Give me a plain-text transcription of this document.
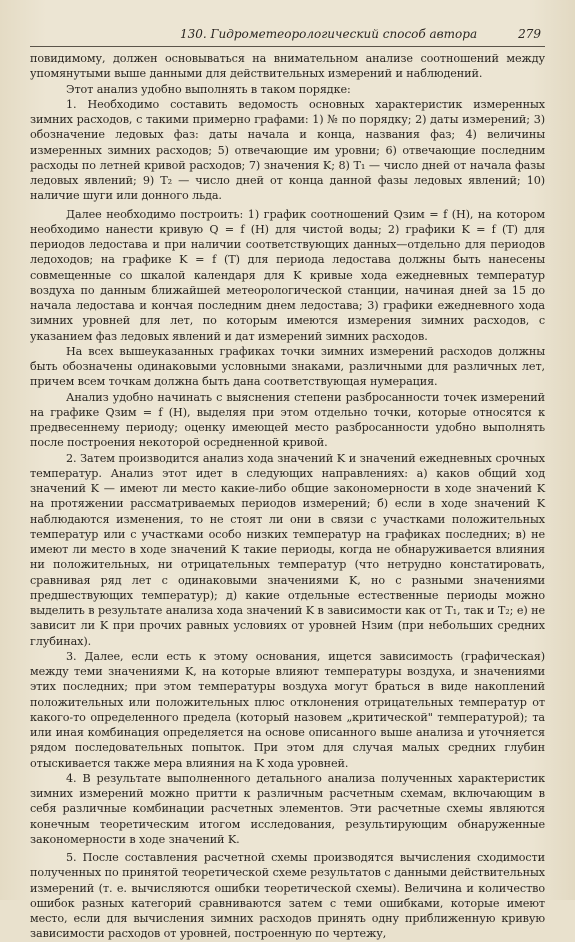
130. Гидрометеорологический способ автора	279

повидимому, должен основываться на внимательном анализе соотношений между упомянутыми выше данными для действительных измерений и наблюдений.

Этот анализ удобно выполнять в таком порядке:

1. Необходимо составить ведомость основных характеристик измеренных зимних расходов, с такими примерно графами: 1) № по порядку; 2) даты измерений; 3) обозначение ледовых фаз: даты начала и конца, названия фаз; 4) величины измеренных зимних расходов; 5) отвечающие им уровни; 6) отвечающие последним расходы по летней кривой расходов; 7) значения K; 8) T₁ — число дней от начала фазы ледовых явлений; 9) T₂ — число дней от конца данной фазы ледовых явлений; 10) наличие шуги или донного льда.

Далее необходимо построить: 1) график соотношений Qзим = f (H), на котором необходимо нанести кривую Q = f (H) для чистой воды; 2) графики K = f (T) для периодов ледостава и при наличии соответствующих данных—отдельно для периодов ледоходов; на графике K = f (T) для периода ледостава должны быть нанесены совмещенные со шкалой календаря для K кривые хода ежедневных температур воздуха по данным ближайшей метеорологической станции, начиная дней за 15 до начала ледостава и кончая последним днем ледостава; 3) графики ежедневного хода зимних уровней для лет, по которым имеются измерения зимних расходов, с указанием фаз ледовых явлений и дат измерений зимних расходов.

На всех вышеуказанных графиках точки зимних измерений расходов должны быть обозначены одинаковыми условными знаками, различными для различных лет, причем всем точкам должна быть дана соответствующая нумерация.

Анализ удобно начинать с выяснения степени разбросанности точек измерений на графике Qзим = f (H), выделяя при этом отдельно точки, которые относятся к предвесеннему периоду; оценку имеющей место разбросанности удобно выполнять после построения некоторой осредненной кривой.

2. Затем производится анализ хода значений K и значений ежедневных срочных температур. Анализ этот идет в следующих направлениях: а) каков общий ход значений K — имеют ли место какие-либо общие закономерности в ходе значений K на протяжении рассматриваемых периодов измерений; б) если в ходе значений K наблюдаются изменения, то не стоят ли они в связи с участками положительных температур или с участками особо низких температур на графиках последних; в) не имеют ли место в ходе значений K такие периоды, когда не обнаруживается влияния ни положительных, ни отрицательных температур (что нетрудно констатировать, сравнивая ряд лет с одинаковыми значениями K, но с разными значениями предшествующих температур); д) какие отдельные естественные периоды можно выделить в результате анализа хода значений K в зависимости как от T₁, так и T₂; е) не зависит ли K при прочих равных условиях от уровней Hзим (при небольших средних глубинах).

3. Далее, если есть к этому основания, ищется зависимость (графическая) между теми значениями K, на которые влияют температуры воздуха, и значениями этих последних; при этом температуры воздуха могут браться в виде накоплений положительных или положительных плюс отклонения отрицательных температур от какого-то определенного предела (который назовем „критической" температурой); та или иная комбинация определяется на основе описанного выше анализа и уточняется рядом последовательных попыток. При этом для случая малых средних глубин отыскивается также мера влияния на K хода уровней.

4. В результате выполненного детального анализа полученных характеристик зимних измерений можно притти к различным расчетным схемам, включающим в себя различные комбинации расчетных элементов. Эти расчетные схемы являются конечным теоретическим итогом исследования, результирующим обнаруженные закономерности в ходе значений K.

5. После составления расчетной схемы производятся вычисления сходимости полученных по принятой теоретической схеме результатов с данными действительных измерений (т. е. вычисляются ошибки теоретической схемы). Величина и количество ошибок разных категорий сравниваются затем с теми ошибками, которые имеют место, если для вычисления зимних расходов принять одну приближенную кривую зависимости расходов от уровней, построенную по чертежу,
